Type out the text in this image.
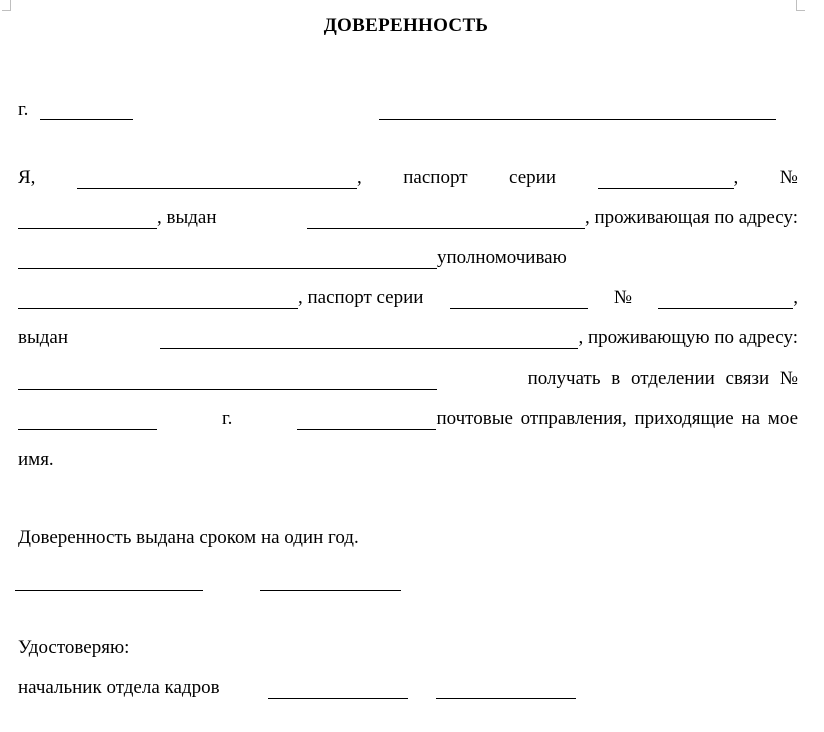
ДОВЕРЕННОСТЬ
г.
Я,	, паспорт серии	, №
, выдан	, проживающая по адресу:
уполномочиваю
, паспорт серии	№	,
выдан	, проживающую по адресу:
получать в отделении связи №
г.	почтовые отправления, приходящие на мое
имя.
Доверенность выдана сроком на один год.
Удостоверяю:
начальник отдела кадров
